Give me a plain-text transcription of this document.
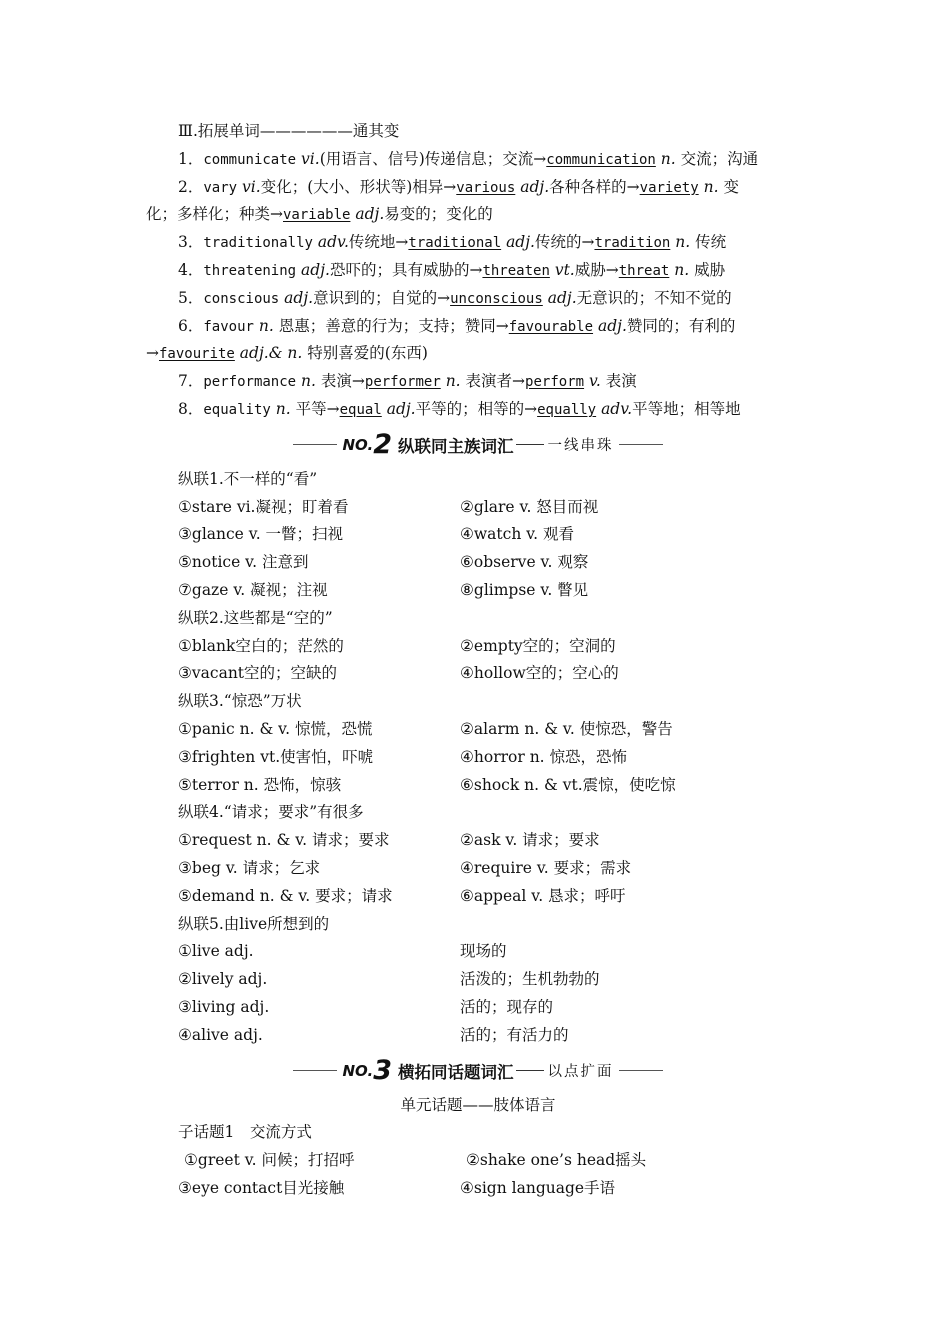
Ⅲ.拓展单词——————通其变
1．communicate vi.(用语言、信号)传递信息；交流→communication n. 交流；沟通
2．vary vi.变化；(大小、形状等)相异→various adj.各种各样的→variety n. 变
化；多样化；种类→variable adj.易变的；变化的
3．traditionally adv.传统地→traditional adj.传统的→tradition n. 传统
4．threatening adj.恐吓的；具有威胁的→threaten vt.威胁→threat n. 威胁
5．conscious adj.意识到的；自觉的→unconscious adj.无意识的；不知不觉的
6．favour n. 恩惠；善意的行为；支持；赞同→favourable adj.赞同的；有利的
→favourite adj.& n. 特别喜爱的(东西)
7．performance n. 表演→performer n. 表演者→perform v. 表演
8．equality n. 平等→equal adj.平等的；相等的→equally adv.平等地；相等地
NO. 2 纵联同主族词汇 一线串珠
纵联1.不一样的“看”
①stare vi.凝视；盯着看	②glare v. 怒目而视
③glance v. 一瞥；扫视	④watch v. 观看
⑤notice v. 注意到	⑥observe v. 观察
⑦gaze v. 凝视；注视	⑧glimpse v. 瞥见
纵联2.这些都是“空的”
①blank空白的；茫然的	②empty空的；空洞的
③vacant空的；空缺的	④hollow空的；空心的
纵联3.“惊恐”万状
①panic n. & v. 惊慌，恐慌	②alarm n. & v. 使惊恐，警告
③frighten vt.使害怕，吓唬	④horror n. 惊恐，恐怖
⑤terror n. 恐怖，惊骇	⑥shock n. & vt.震惊，使吃惊
纵联4.“请求；要求”有很多
①request n. & v. 请求；要求	②ask v. 请求；要求
③beg v. 请求；乞求	④require v. 要求；需求
⑤demand n. & v. 要求；请求	⑥appeal v. 恳求；呼吁
纵联5.由live所想到的
①live adj.	现场的
②lively adj.	活泼的；生机勃勃的
③living adj.	活的；现存的
④alive adj.	活的；有活力的
NO. 3 横拓同话题词汇 以点扩面
单元话题——肢体语言
子话题1　交流方式
①greet v. 问候；打招呼	②shake one’s head摇头
③eye contact目光接触	④sign language手语
